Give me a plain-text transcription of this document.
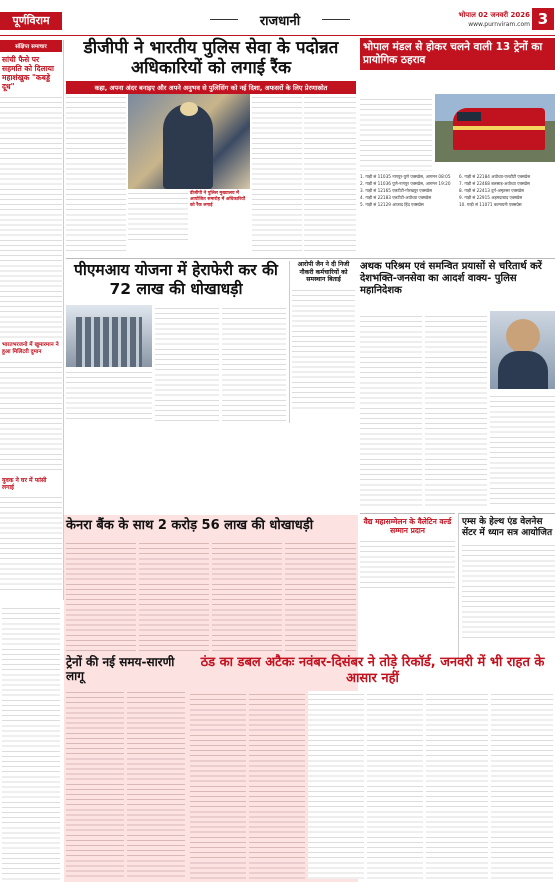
पूर्णविराम	राजधानी	भोपाल 02 जनवरी 2026
www.purnviram.com 3
संक्षिप्त समाचार
सांची फैसे पर सहमति को दिलाया महाशंखुक "कबड्डे दूध"
भारतभरजनो में खुमारमान ने हुआ मिलिटरी दुमान
युवक ने घर में फांसी लगाई
डीजीपी ने भारतीय पुलिस सेवा के पदोन्नत अधिकारियों को लगाई रैंक
कहा, अपना अंदर बनाइए और अपने अनुभव से पुलिसिंग को नई दिशा, अफसरों के लिए प्रेरणास्रोत
डीजीपी ने पुलिस मुख्यालय में आयोजित समारोह में अधिकारियों को रैंक लगाई
भोपाल मंडल से होकर चलने वाली 13 ट्रेनों का प्रायोगिक ठहराव
1. गाड़ी सं 11035 नागपुर-पुणे एक्सप्रेस, आगमन 08:05
2. गाड़ी सं 11036 पुणे-नागपुर एक्सप्रेस, आगमन 19:20
3. गाड़ी सं 12165 एलटीटी-गोरखपुर एक्सप्रेस
4. गाड़ी सं 22183 एलटीटी-अयोध्या एक्सप्रेस
5. गाड़ी सं 12129 आजाद हिंद एक्सप्रेस
6. गाड़ी सं 22184 अयोध्या-एलटीटी एक्सप्रेस
7. गाड़ी सं 22468 बलसाड़-अयोध्या एक्सप्रेस
8. गाड़ी सं 22413 दुर्ग-अमृतसर एक्सप्रेस
9. गाड़ी सं 22915 अहमदाबाद एक्सप्रेस
10. गाड़ी सं 11071 कामायनी एक्सप्रेस
पीएमआय योजना में हेराफेरी कर की 72 लाख की धोखाधड़ी
आरोपी जैन ने दी निजी नौकरी कर्मचारियों को समस्थान बिताई
अथक परिश्रम एवं समन्वित प्रयासों से चरितार्थ करें देशभक्ति-जनसेवा का आदर्श वाक्य- पुलिस महानिदेशक
वैद्य महासम्मेलन के वैलेटिन वर्ल्ड सम्मान प्रदान
एम्स के हेल्थ एंड वेलनेस सेंटर में ध्यान सत्र आयोजित
केनरा बैंक के साथ 2 करोड़ 56 लाख की धोखाधड़ी
ट्रेनों की नई समय-सारणी लागू
ठंड का डबल अटैकः नवंबर-दिसंबर ने तोड़े रिकॉर्ड, जनवरी में भी राहत के आसार नहीं
